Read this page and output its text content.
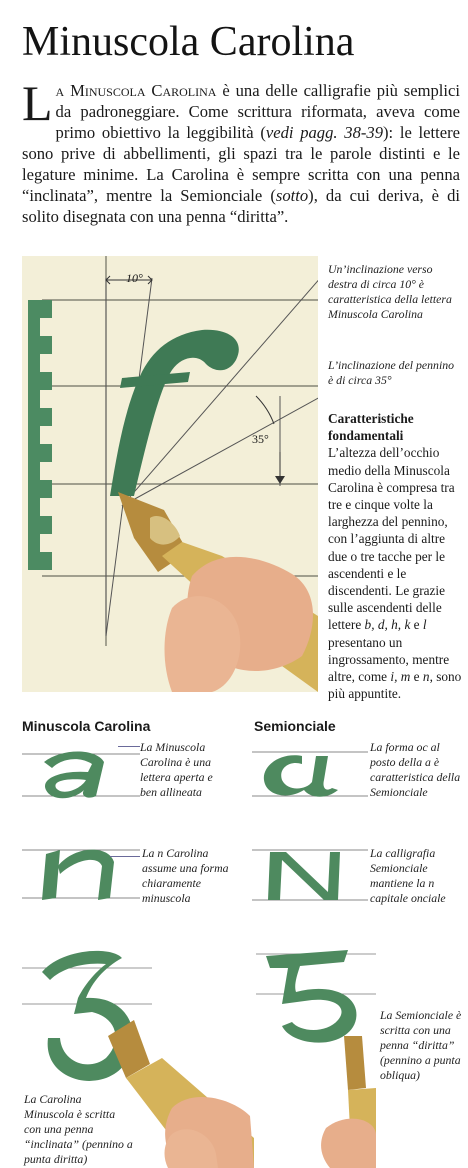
Minuscola Carolina
La Minuscola Carolina è una delle calligrafie più semplici da padroneggiare. Come scrittura riformata, aveva come primo obiettivo la leggibilità (vedi pagg. 38-39): le lettere sono prive di abbellimenti, gli spazi tra le parole distinti e le legature minime. La Carolina è sempre scritta con una penna “inclinata”, mentre la Semionciale (sotto), da cui deriva, è di solito disegnata con una penna “diritta”.
10°
35°
Un’inclinazione verso destra di circa 10° è caratteristica della lettera Minuscola Carolina
L’inclinazione del pennino è di circa 35°
Caratteristiche fondamentali
L’altezza dell’occhio medio della Minuscola Carolina è compresa tra tre e cinque volte la larghezza del pennino, con l’aggiunta di altre due o tre tacche per le ascendenti e le discendenti. Le grazie sulle ascendenti delle lettere b, d, h, k e l presentano un ingrossamento, mentre altre, come i, m e n, sono più appuntite.
Minuscola Carolina	Semionciale
La Minuscola Carolina è una lettera aperta e ben allineata
La forma oc al posto della a è caratteristica della Semionciale
La n Carolina assume una forma chiaramente minuscola
La calligrafia Semionciale mantiene la n capitale onciale
La Carolina Minuscola è scritta con una penna “inclinata” (pennino a punta diritta)
La Semionciale è scritta con una penna “diritta” (pennino a punta obliqua)
